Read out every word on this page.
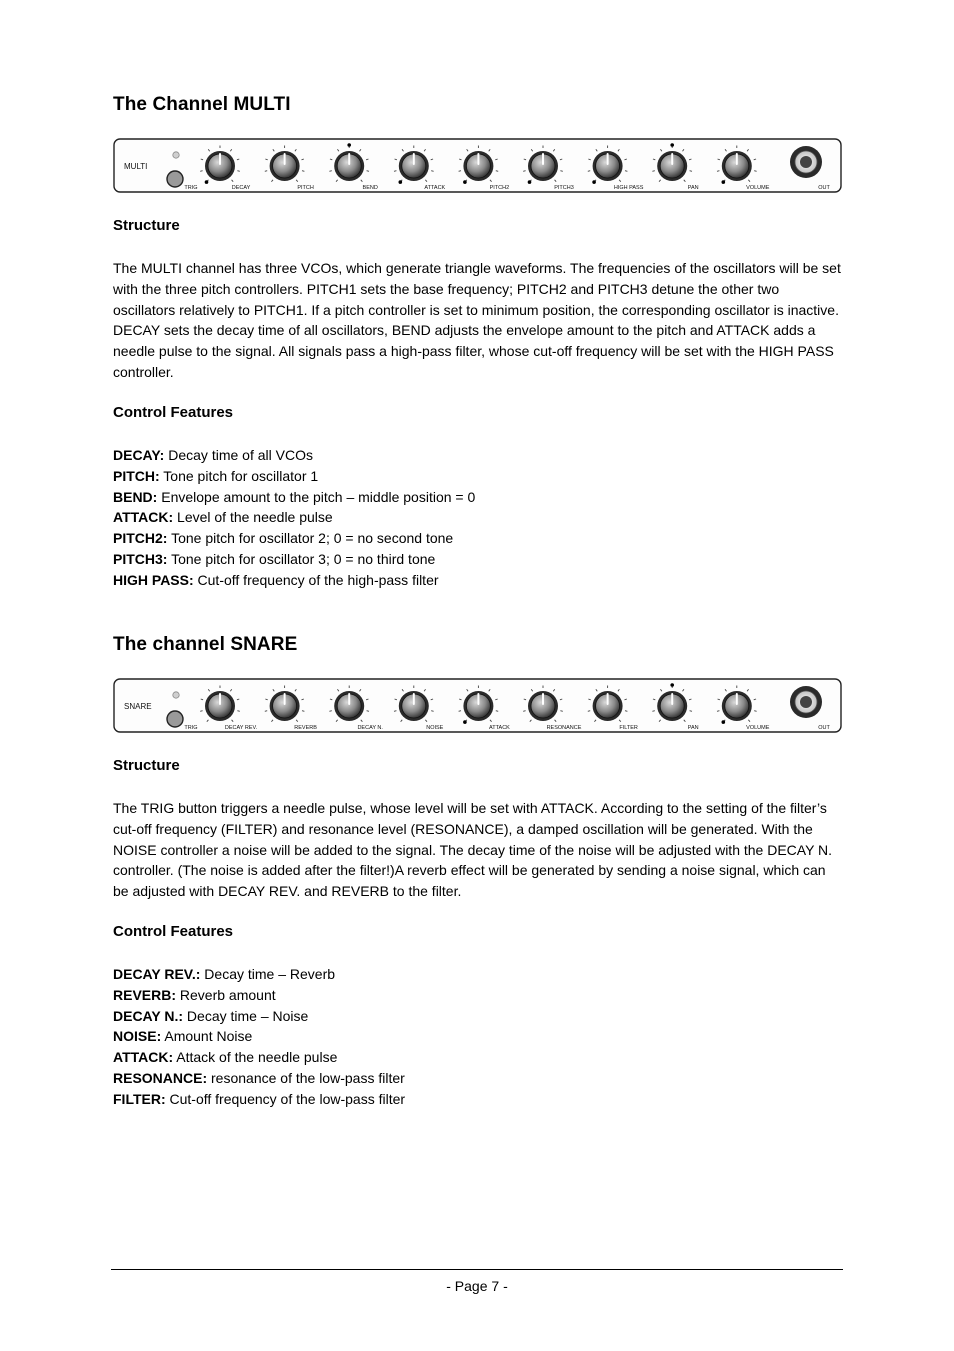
The Channel MULTI
MULTI
TRIG	DECAY	PITCH	BEND	ATTACK	PITCH2	PITCH3	HIGH PASS	PAN	VOLUME	OUT
Structure

The MULTI channel has three VCOs, which generate triangle waveforms. The frequencies of the oscillators will be set with the three pitch controllers. PITCH1 sets the base frequency; PITCH2 and PITCH3 detune the other two oscillators relatively to PITCH1. If a pitch controller is set to minimum position, the corresponding oscillator is inactive. DECAY sets the decay time of all oscillators, BEND adjusts the envelope amount to the pitch and ATTACK adds a needle pulse to the signal. All signals pass a high-pass filter, whose cut-off frequency will be set with the HIGH PASS controller.

Control Features
DECAY: Decay time of all VCOs
PITCH: Tone pitch for oscillator 1
BEND: Envelope amount to the pitch – middle position = 0
ATTACK: Level of the needle pulse
PITCH2: Tone pitch for oscillator 2; 0 = no second tone
PITCH3: Tone pitch for oscillator 3; 0 = no third tone
HIGH PASS: Cut-off frequency of the high-pass filter
The channel SNARE
SNARE
TRIG	DECAY REV.	REVERB	DECAY N.	NOISE	ATTACK	RESONANCE	FILTER	PAN	VOLUME	OUT
Structure

The TRIG button triggers a needle pulse, whose level will be set with ATTACK. According to the setting of the filter’s cut-off frequency (FILTER) and resonance level (RESONANCE), a damped oscillation will be generated. With the NOISE controller a noise will be added to the signal. The decay time of the noise will be adjusted with the DECAY N. controller. (The noise is added after the filter!)A reverb effect will be generated by sending a noise signal, which can be adjusted with DECAY REV. and REVERB to the filter.

Control Features
DECAY REV.: Decay time – Reverb
REVERB: Reverb amount
DECAY N.: Decay time – Noise
NOISE: Amount Noise
ATTACK: Attack of the needle pulse
RESONANCE: resonance of the low-pass filter
FILTER: Cut-off frequency of the low-pass filter
- Page 7 -
